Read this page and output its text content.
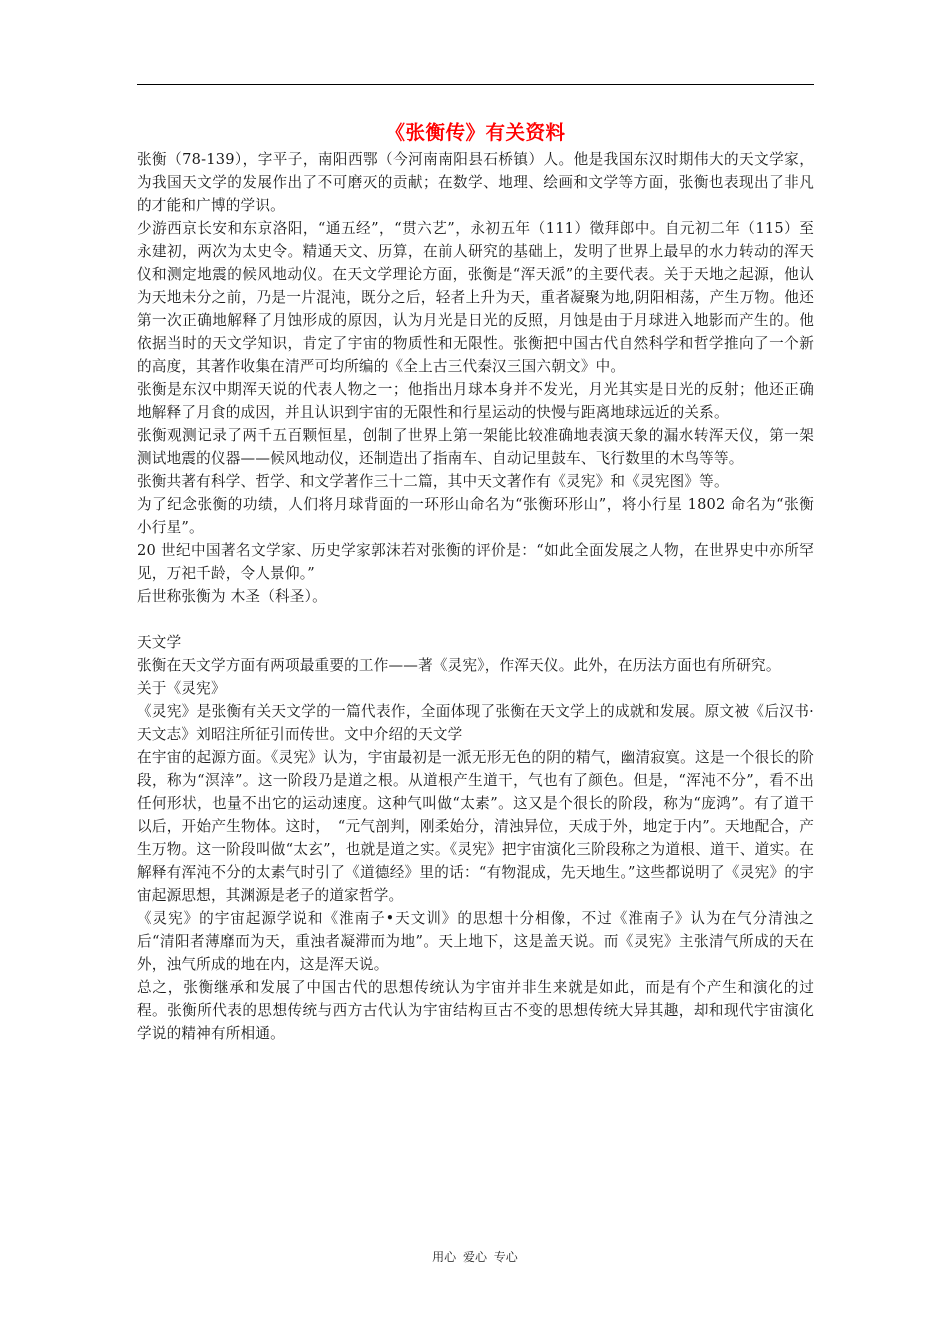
《张衡传》有关资料

张衡（78-139），字平子，南阳西鄂（今河南南阳县石桥镇）人。他是我国东汉时期伟大的天文学家，为我国天文学的发展作出了不可磨灭的贡献；在数学、地理、绘画和文学等方面，张衡也表现出了非凡的才能和广博的学识。

少游西京长安和东京洛阳，“通五经”，“贯六艺”，永初五年（111）徵拜郎中。自元初二年（115）至永建初，两次为太史令。精通天文、历算，在前人研究的基础上，发明了世界上最早的水力转动的浑天仪和测定地震的候风地动仪。在天文学理论方面，张衡是“浑天派”的主要代表。关于天地之起源，他认为天地未分之前，乃是一片混沌，既分之后，轻者上升为天，重者凝聚为地,阴阳相荡，产生万物。他还第一次正确地解释了月蚀形成的原因，认为月光是日光的反照，月蚀是由于月球进入地影而产生的。他依据当时的天文学知识，肯定了宇宙的物质性和无限性。张衡把中国古代自然科学和哲学推向了一个新的高度，其著作收集在清严可均所编的《全上古三代秦汉三国六朝文》中。

张衡是东汉中期浑天说的代表人物之一；他指出月球本身并不发光，月光其实是日光的反射；他还正确地解释了月食的成因，并且认识到宇宙的无限性和行星运动的快慢与距离地球远近的关系。

张衡观测记录了两千五百颗恒星，创制了世界上第一架能比较准确地表演天象的漏水转浑天仪，第一架测试地震的仪器——候风地动仪，还制造出了指南车、自动记里鼓车、飞行数里的木鸟等等。

张衡共著有科学、哲学、和文学著作三十二篇，其中天文著作有《灵宪》和《灵宪图》等。

为了纪念张衡的功绩，人们将月球背面的一环形山命名为“张衡环形山”，将小行星 1802 命名为“张衡小行星”。

20 世纪中国著名文学家、历史学家郭沫若对张衡的评价是：“如此全面发展之人物，在世界史中亦所罕见，万祀千龄，令人景仰。”

后世称张衡为 木圣（科圣）。

天文学

张衡在天文学方面有两项最重要的工作——著《灵宪》，作浑天仪。此外，在历法方面也有所研究。

关于《灵宪》

《灵宪》是张衡有关天文学的一篇代表作，全面体现了张衡在天文学上的成就和发展。原文被《后汉书·天文志》刘昭注所征引而传世。文中介绍的天文学

在宇宙的起源方面。《灵宪》认为，宇宙最初是一派无形无色的阴的精气，幽清寂寞。这是一个很长的阶段，称为“溟涬”。这一阶段乃是道之根。从道根产生道干，气也有了颜色。但是，“浑沌不分”，看不出任何形状，也量不出它的运动速度。这种气叫做“太素”。这又是个很长的阶段，称为“庞鸿”。有了道干以后，开始产生物体。这时，　“元气剖判，刚柔始分，清浊异位，天成于外，地定于内”。天地配合，产生万物。这一阶段叫做“太玄”，也就是道之实。《灵宪》把宇宙演化三阶段称之为道根、道干、道实。在解释有浑沌不分的太素气时引了《道德经》里的话：“有物混成，先天地生。”这些都说明了《灵宪》的宇宙起源思想，其渊源是老子的道家哲学。

《灵宪》的宇宙起源学说和《淮南子•天文训》的思想十分相像，不过《淮南子》认为在气分清浊之后“清阳者薄靡而为天，重浊者凝滞而为地”。天上地下，这是盖天说。而《灵宪》主张清气所成的天在外，浊气所成的地在内，这是浑天说。

总之，张衡继承和发展了中国古代的思想传统认为宇宙并非生来就是如此，而是有个产生和演化的过程。张衡所代表的思想传统与西方古代认为宇宙结构亘古不变的思想传统大异其趣，却和现代宇宙演化学说的精神有所相通。

用心 爱心 专心
